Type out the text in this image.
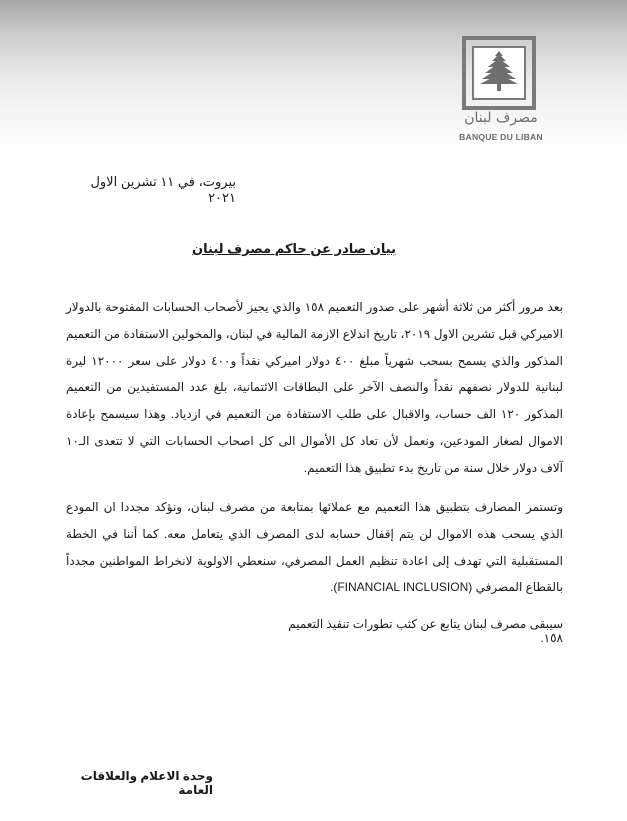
مصرف لبنان
BANQUE DU LIBAN
بيروت، في ١١ تشرين الاول ٢٠٢١
بيان صادر عن حاكم مصرف لبنان

بعد مرور أكثر من ثلاثة أشهر على صدور التعميم ١٥٨ والذي يجيز لأصحاب الحسابات المفتوحة بالدولار الاميركي قبل تشرين الاول ٢٠١٩، تاريخ اندلاع الازمة المالية في لبنان، والمخولين الاستفادة من التعميم المذكور والذي يسمح بسحب شهرياً مبلغ ٤٠٠ دولار اميركي نقداً و٤٠٠ دولار على سعر ١٢٠٠٠ ليرة لبنانية للدولار نصفهم نقداً والنصف الآخر على البطاقات الائتمانية، بلغ عدد المستفيدين من التعميم المذكور ١٢٠ الف حساب، والاقبال على طلب الاستفادة من التعميم في ازدياد. وهذا سيسمح بإعادة الاموال لصغار المودعين، ونعمل لأن تعاد كل الأموال الى كل اصحاب الحسابات التي لا تتعدى الـ١٠ آلاف دولار خلال سنة من تاريخ بدء تطبيق هذا التعميم.

وتستمر المصارف بتطبيق هذا التعميم مع عملائها بمتابعة من مصرف لبنان، ونؤكد مجددا ان المودع الذي يسحب هذه الاموال لن يتم إقفال حسابه لدى المصرف الذي يتعامل معه. كما أننا في الخطة المستقبلية التي تهدف إلى اعادة تنظيم العمل المصرفي، سنعطي الاولوية لانخراط المواطنين مجدداً بالقطاع المصرفي (FINANCIAL INCLUSION).

سيبقى مصرف لبنان يتابع عن كثب تطورات تنفيذ التعميم ١٥٨.
وحدة الاعلام والعلاقات العامة
